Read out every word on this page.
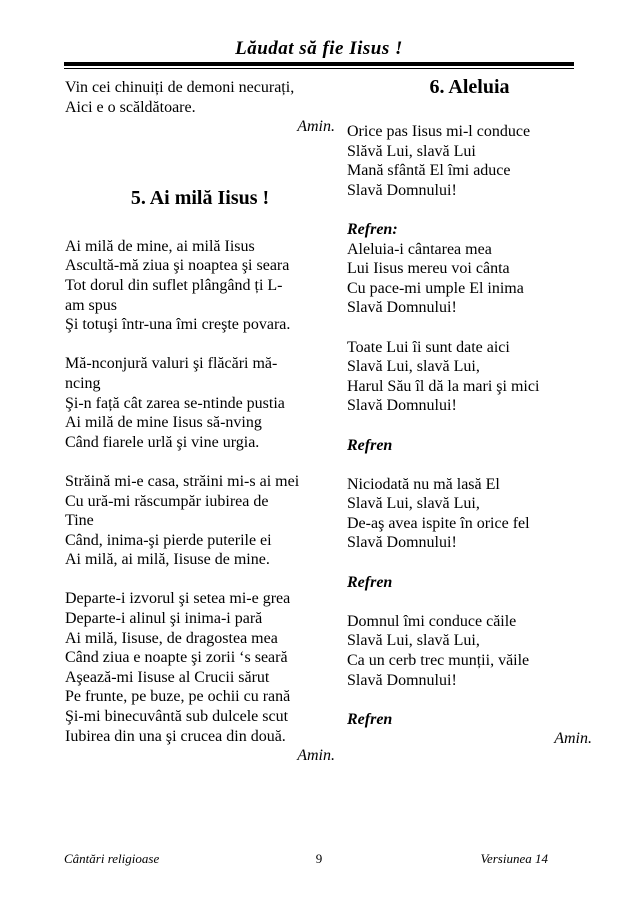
Lăudat să fie Iisus !
Vin cei chinuiți de demoni necurați,
Aici e o scăldătoare.
Amin.
5. Ai milă Iisus !
Ai milă de mine, ai milă Iisus
Ascultă-mă ziua şi noaptea şi seara
Tot dorul din suflet plângând ți L-
am spus
Şi totuşi într-una îmi creşte povara.
Mă-nconjură valuri şi flăcări mă-
ncing
Şi-n față cât zarea se-ntinde pustia
Ai milă de mine Iisus să-nving
Când fiarele urlă şi vine urgia.
Străină mi-e casa, străini mi-s ai mei
Cu ură-mi răscumpăr iubirea de
Tine
Când, inima-şi pierde puterile ei
Ai milă, ai milă, Iisuse de mine.
Departe-i izvorul şi setea mi-e grea
Departe-i alinul şi inima-i pară
Ai milă, Iisuse, de dragostea mea
Când ziua e noapte şi zorii ‘s seară
Aşează-mi Iisuse al Crucii sărut
Pe frunte, pe buze, pe ochii cu rană
Şi-mi binecuvântă sub dulcele scut
Iubirea din una şi crucea din două.
Amin.
6. Aleluia
Orice pas Iisus mi-l conduce
Slăvă Lui, slavă Lui
Mană sfântă El îmi aduce
Slavă Domnului!
Refren:
Aleluia-i cântarea mea
Lui Iisus mereu voi cânta
Cu pace-mi umple El inima
Slavă Domnului!
Toate Lui îi sunt date aici
Slavă Lui, slavă Lui,
Harul Său îl dă la mari şi mici
Slavă Domnului!
Refren
Niciodată nu mă lasă El
Slavă Lui, slavă Lui,
De-aş avea ispite în orice fel
Slavă Domnului!
Refren
Domnul îmi conduce căile
Slavă Lui, slavă Lui,
Ca un cerb trec munții, văile
Slavă Domnului!
Refren
Amin.
Cântări religioase	9	Versiunea 14
